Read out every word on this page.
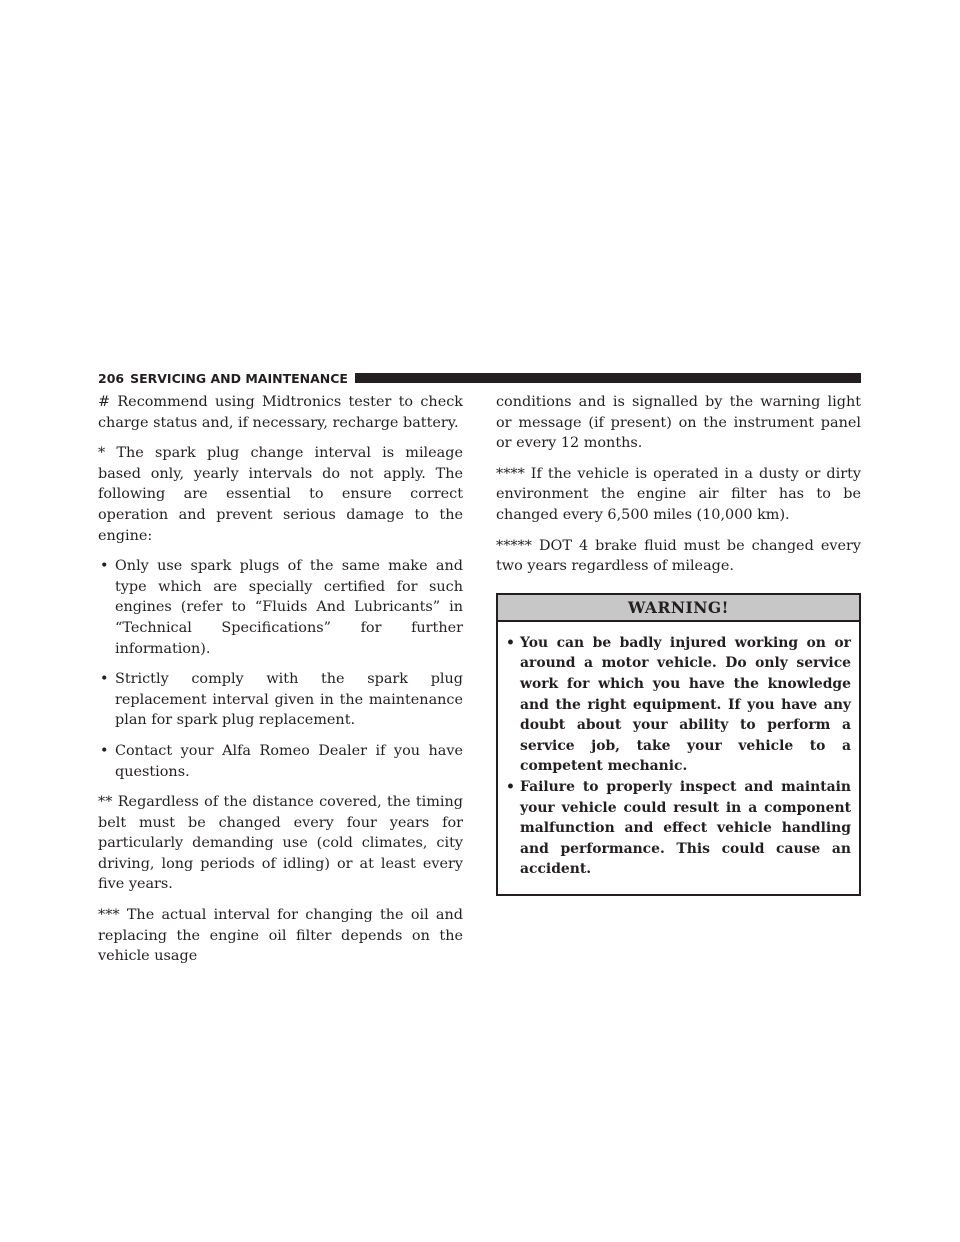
206 SERVICING AND MAINTENANCE

# Recommend using Midtronics tester to check charge status and, if necessary, recharge battery.

* The spark plug change interval is mileage based only, yearly intervals do not apply. The following are essential to ensure correct operation and prevent serious damage to the engine:

• Only use spark plugs of the same make and type which are specially certified for such engines (refer to “Fluids And Lubricants” in “Technical Specifications” for further information).
• Strictly comply with the spark plug replacement interval given in the maintenance plan for spark plug replacement.
• Contact your Alfa Romeo Dealer if you have questions.

** Regardless of the distance covered, the timing belt must be changed every four years for particularly demanding use (cold climates, city driving, long periods of idling) or at least every five years.

*** The actual interval for changing the oil and replacing the engine oil filter depends on the vehicle usage

conditions and is signalled by the warning light or message (if present) on the instrument panel or every 12 months.

**** If the vehicle is operated in a dusty or dirty environment the engine air filter has to be changed every 6,500 miles (10,000 km).

***** DOT 4 brake fluid must be changed every two years regardless of mileage.

WARNING!
• You can be badly injured working on or around a motor vehicle. Do only service work for which you have the knowledge and the right equipment. If you have any doubt about your ability to perform a service job, take your vehicle to a competent mechanic.
• Failure to properly inspect and maintain your vehicle could result in a component malfunction and effect vehicle handling and performance. This could cause an accident.
